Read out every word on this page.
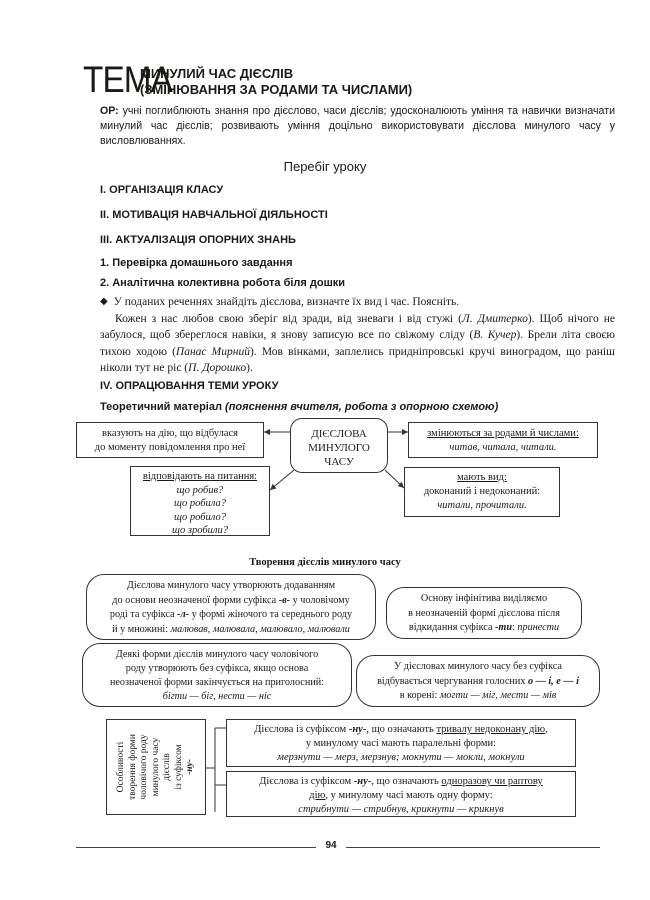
ТЕМА
МИНУЛИЙ ЧАС ДІЄСЛІВ
(ЗМІНЮВАННЯ ЗА РОДАМИ ТА ЧИСЛАМИ)
ОР: учні поглиблюють знання про дієслово, часи дієслів; удосконалюють уміння та навички визначати минулий час дієслів; розвивають уміння доцільно використовувати дієслова минулого часу у висловлюваннях.
Перебіг уроку
I. ОРГАНІЗАЦІЯ КЛАСУ
II. МОТИВАЦІЯ НАВЧАЛЬНОЇ ДІЯЛЬНОСТІ
III. АКТУАЛІЗАЦІЯ ОПОРНИХ ЗНАНЬ
1. Перевірка домашнього завдання
2. Аналітична колективна робота біля дошки
◆ У поданих реченнях знайдіть дієслова, визначте їх вид і час. Поясніть.

Кожен з нас любов свою зберіг від зради, від зневаги і від стужі (Л. Дмитерко). Щоб нічого не забулося, щоб збереглося навіки, я знову записую все по свіжому сліду (В. Кучер). Брели літа своєю тихою ходою (Панас Мирний). Мов вінками, заплелись придніпровські кручі виноградом, що раніш ніколи тут не ріс (П. Дорошко).

IV. ОПРАЦЮВАННЯ ТЕМИ УРОКУ
Теоретичний матеріал (пояснення вчителя, робота з опорною схемою)
вказують на дію, що відбулася
до моменту повідомлення про неї
ДІЄСЛОВА
МИНУЛОГО
ЧАСУ
змінюються за родами й числами:
читав, читала, читали.
відповідають на питання:
що робив?
що робила?
що робило?
що зробили?
мають вид:
доконаний і недоконаний:
читали, прочитали.
Творення дієслів минулого часу
Дієслова минулого часу утворюють додаванням
до основи неозначеної форми суфікса -в- у чоловічому
роді та суфікса -л- у формі жіночого та середнього роду
й у множині: малював, малювала, малювало, малювали
Основу інфінітива виділяємо
в неозначеній формі дієслова після
відкидання суфікса -ти: принести
Деякі форми дієслів минулого часу чоловічого
роду утворюють без суфікса, якщо основа
неозначеної форми закінчується на приголосний:
бігти — біг, нести — ніс
У дієсловах минулого часу без суфікса
відбувається чергування голосних о — і, е — і
в корені: могти — міг, мести — мів
Особливості творення форми чоловічого роду минулого часу дієслів із суфіксом -ну-
Дієслова із суфіксом -ну-, що означають тривалу недоконану дію,
у минулому часі мають паралельні форми:
мерзнути — мерз, мерзнув; мокнути — мокли, мокнули
Дієслова із суфіксом -ну-, що означають одноразову чи раптову
дію, у минулому часі мають одну форму:
стрибнути — стрибнув, крикнути — крикнув
94
